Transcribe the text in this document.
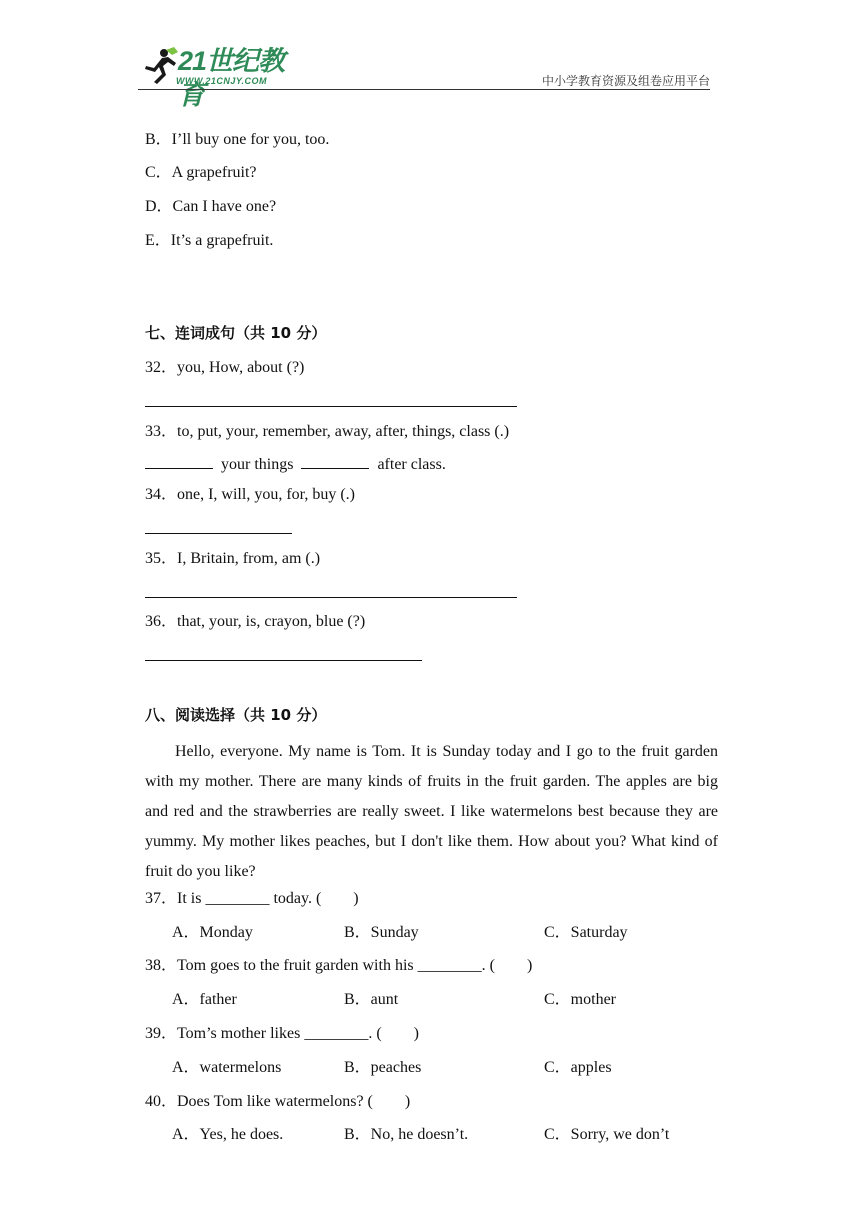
21世纪教育
WWW.21CNJY.COM	中小学教育资源及组卷应用平台
B．I’ll buy one for you, too.
C．A grapefruit?
D．Can I have one?
E．It’s a grapefruit.
七、连词成句（共 10 分）
32．you, How, about (?)
33．to, put, your, remember, away, after, things, class (.)
your things	after class.
34．one, I, will, you, for, buy (.)
35．I, Britain, from, am (.)
36．that, your, is, crayon, blue (?)
八、阅读选择（共 10 分）
Hello, everyone. My name is Tom. It is Sunday today and I go to the fruit garden with my mother. There are many kinds of fruits in the fruit garden. The apples are big and red and the strawberries are really sweet. I like watermelons best because they are yummy. My mother likes peaches, but I don't like them. How about you? What kind of fruit do you like?
37．It is ________ today. (        )
A．Monday	B．Sunday	C．Saturday
38．Tom goes to the fruit garden with his ________. (        )
A．father	B．aunt	C．mother
39．Tom’s mother likes ________. (        )
A．watermelons	B．peaches	C．apples
40．Does Tom like watermelons? (        )
A．Yes, he does.	B．No, he doesn’t.	C．Sorry, we don’t
